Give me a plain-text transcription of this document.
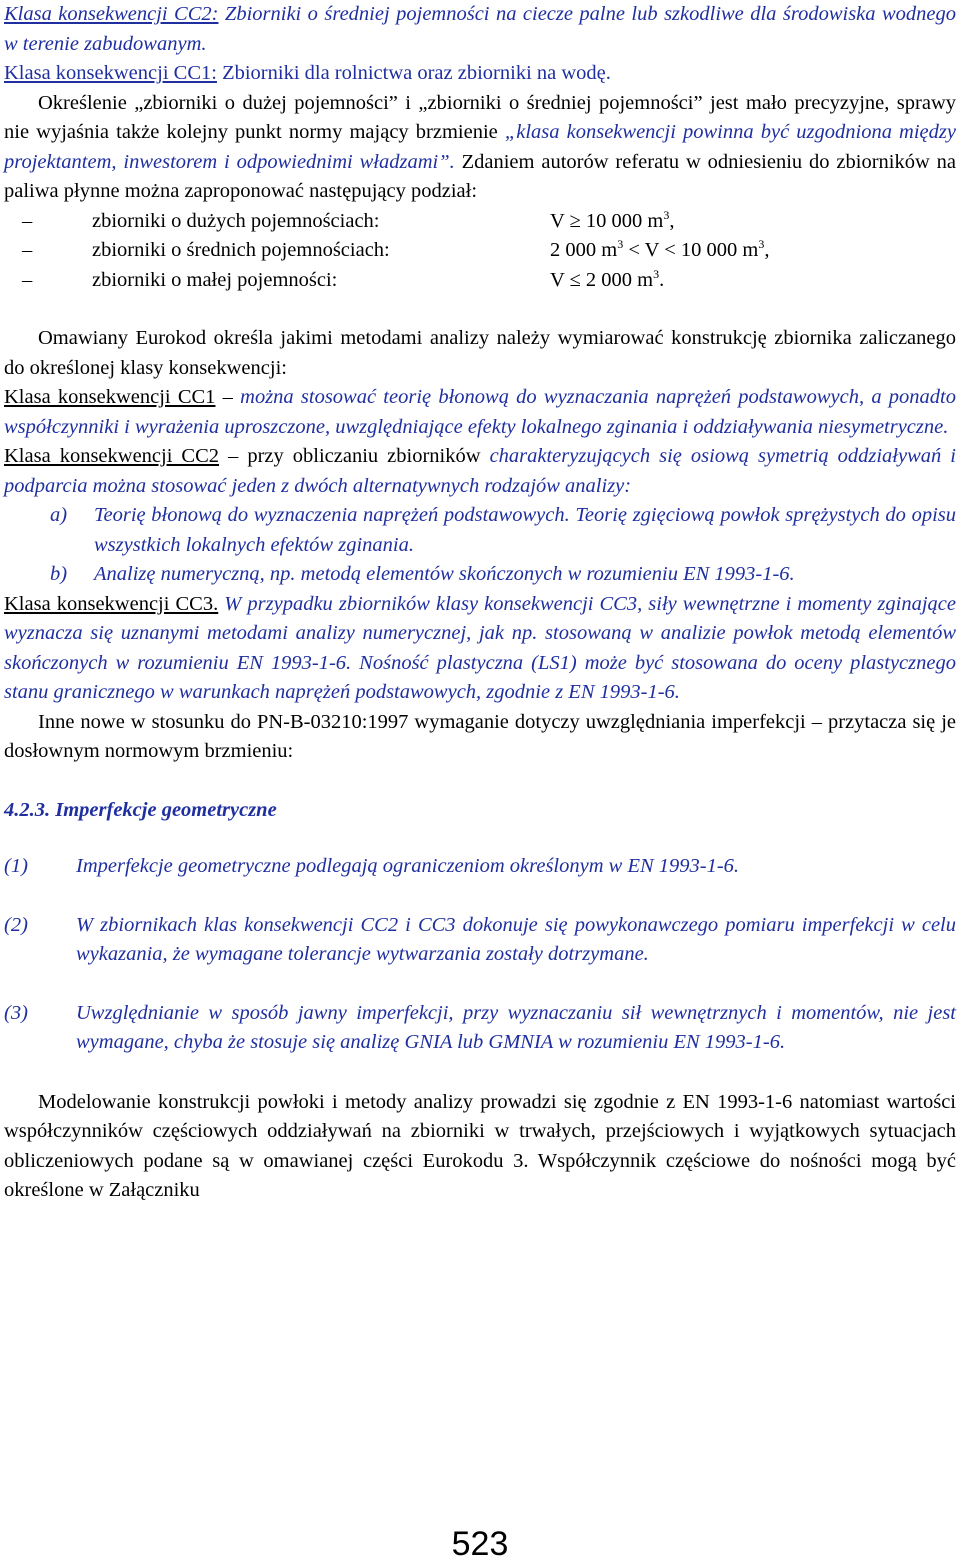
Klasa konsekwencji CC2: Zbiorniki o średniej pojemności na ciecze palne lub szkodliwe dla środowiska wodnego w terenie zabudowanym.
Klasa konsekwencji CC1: Zbiorniki dla rolnictwa oraz zbiorniki na wodę.

Określenie „zbiorniki o dużej pojemności” i „zbiorniki o średniej pojemności” jest mało precyzyjne, sprawy nie wyjaśnia także kolejny punkt normy mający brzmienie „klasa konsekwencji powinna być uzgodniona między projektantem, inwestorem i odpowiednimi władzami”. Zdaniem autorów referatu w odniesieniu do zbiorników na paliwa płynne można zaproponować następujący podział:

–	zbiorniki o dużych pojemnościach:	V ≥ 10 000 $m^3$,
–	zbiorniki o średnich pojemnościach:	2 000 $m^3 < V < 10$ 000 $m^3$,
–	zbiorniki o małej pojemności:	V ≤ 2 000 $m^3$.

Omawiany Eurokod określa jakimi metodami analizy należy wymiarować konstrukcję zbiornika zaliczanego do określonej klasy konsekwencji:

Klasa konsekwencji CC1 – można stosować teorię błonową do wyznaczania naprężeń podstawowych, a ponadto współczynniki i wyrażenia uproszczone, uwzględniające efekty lokalnego zginania i oddziaływania niesymetryczne.

Klasa konsekwencji CC2 – przy obliczaniu zbiorników charakteryzujących się osiową symetrią oddziaływań i podparcia można stosować jeden z dwóch alternatywnych rodzajów analizy:

a) Teorię błonową do wyznaczenia naprężeń podstawowych. Teorię zgięciową powłok sprężystych do opisu wszystkich lokalnych efektów zginania.
b) Analizę numeryczną, np. metodą elementów skończonych w rozumieniu EN 1993-1-6.

Klasa konsekwencji CC3. W przypadku zbiorników klasy konsekwencji CC3, siły wewnętrzne i momenty zginające wyznacza się uznanymi metodami analizy numerycznej, jak np. stosowaną w analizie powłok metodą elementów skończonych w rozumieniu EN 1993-1-6. Nośność plastyczna (LS1) może być stosowana do oceny plastycznego stanu granicznego w warunkach naprężeń podstawowych, zgodnie z EN 1993-1-6.

Inne nowe w stosunku do PN-B-03210:1997 wymaganie dotyczy uwzględniania imperfekcji – przytacza się je dosłownym normowym brzmieniu:

4.2.3. Imperfekcje geometryczne

(1) Imperfekcje geometryczne podlegają ograniczeniom określonym w EN 1993-1-6.
(2) W zbiornikach klas konsekwencji CC2 i CC3 dokonuje się powykonawczego pomiaru imperfekcji w celu wykazania, że wymagane tolerancje wytwarzania zostały dotrzymane.
(3) Uwzględnianie w sposób jawny imperfekcji, przy wyznaczaniu sił wewnętrznych i momentów, nie jest wymagane, chyba że stosuje się analizę GNIA lub GMNIA w rozumieniu EN 1993-1-6.

Modelowanie konstrukcji powłoki i metody analizy prowadzi się zgodnie z EN 1993-1-6 natomiast wartości współczynników częściowych oddziaływań na zbiorniki w trwałych, przejściowych i wyjątkowych sytuacjach obliczeniowych podane są w omawianej części Eurokodu 3. Współczynnik częściowe do nośności mogą być określone w Załączniku

523
